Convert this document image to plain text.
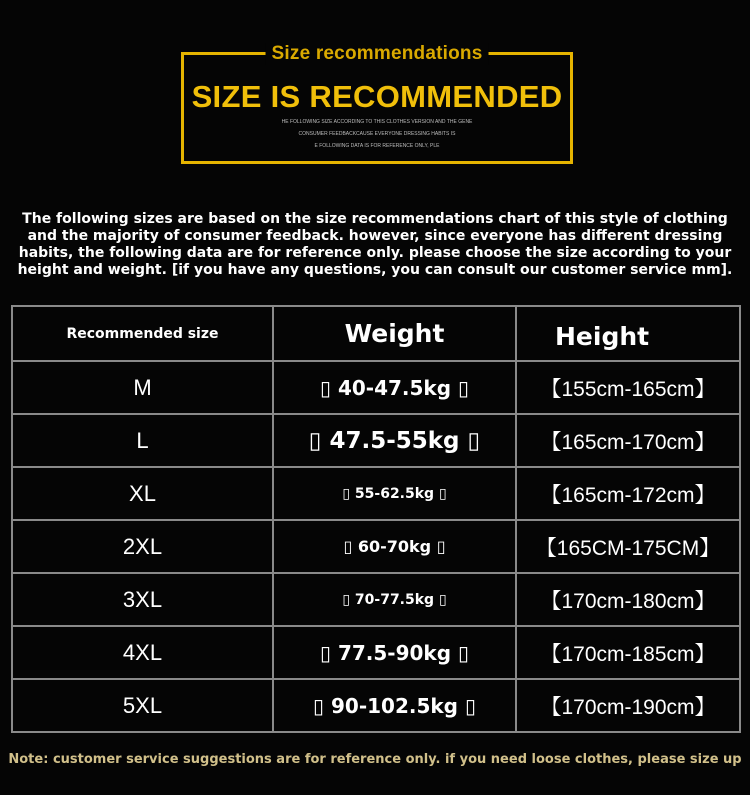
Size recommendations
SIZE IS RECOMMENDED
HE FOLLOWING SIZE ACCORDING TO THIS CLOTHES VERSION AND THE GENE
CONSUMER FEEDBACKCAUSE EVERYONE DRESSING HABITS IS
E FOLLOWING DATA IS FOR REFERENCE ONLY, PLE
The following sizes are based on the size recommendations chart of this style of clothing
and the majority of consumer feedback. however, since everyone has different dressing
habits, the following data are for reference only. please choose the size according to your
height and weight. [if you have any questions, you can consult our customer service mm].
Recommended size	Weight	Height
M	▯ 40-47.5kg ▯	【155cm-165cm】
L	▯ 47.5-55kg ▯	【165cm-170cm】
XL	▯ 55-62.5kg ▯	【165cm-172cm】
2XL	▯ 60-70kg ▯	【165CM-175CM】
3XL	▯ 70-77.5kg ▯	【170cm-180cm】
4XL	▯ 77.5-90kg ▯	【170cm-185cm】
5XL	▯ 90-102.5kg ▯	【170cm-190cm】
Note: customer service suggestions are for reference only. if you need loose clothes, please size up
